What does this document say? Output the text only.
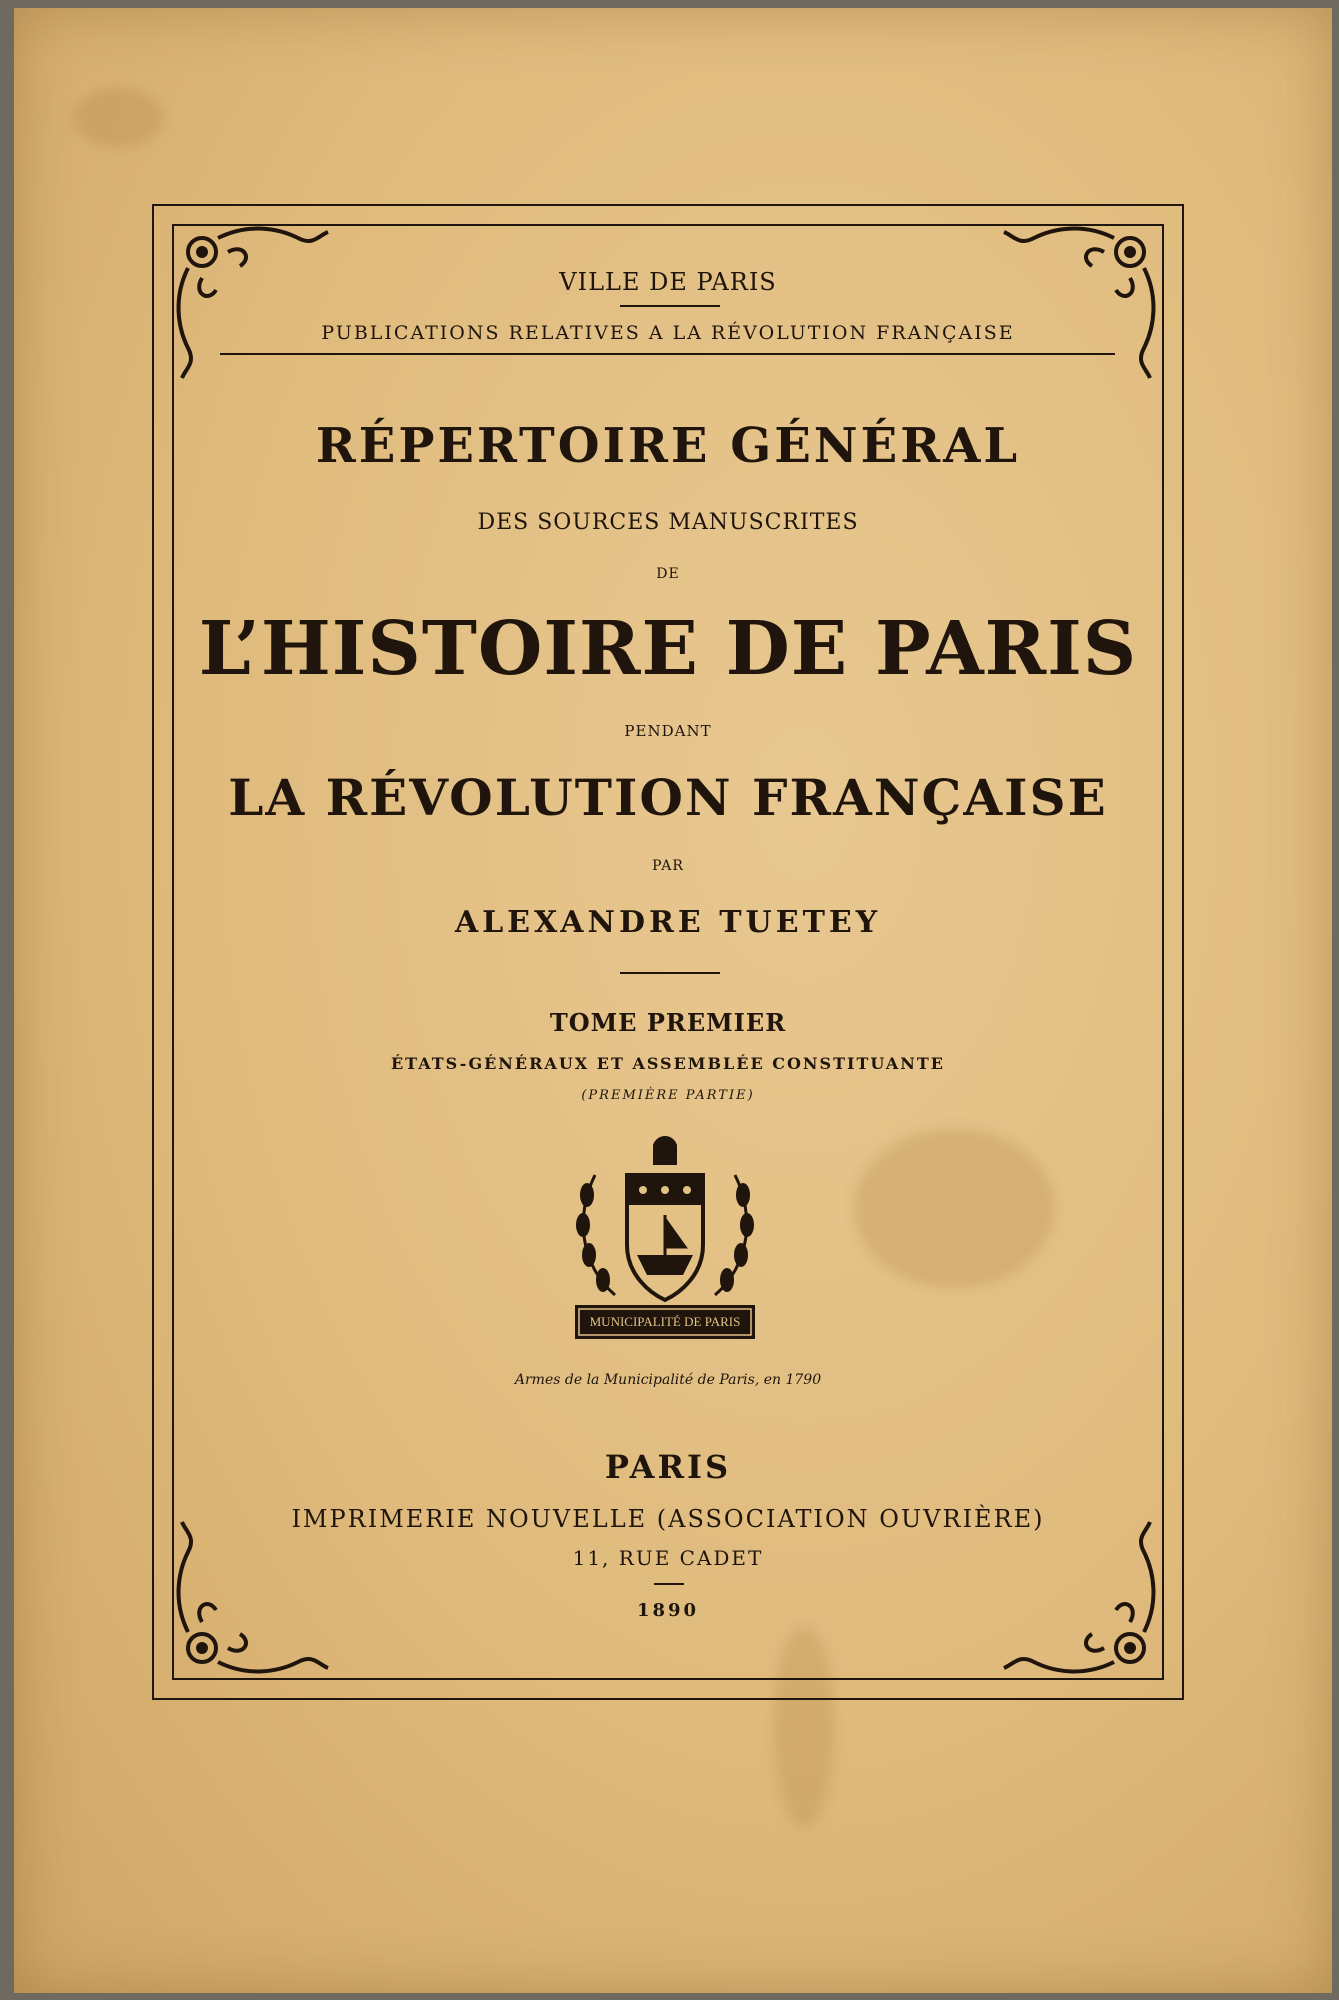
VILLE DE PARIS
PUBLICATIONS RELATIVES A LA RÉVOLUTION FRANÇAISE
RÉPERTOIRE GÉNÉRAL
DES SOURCES MANUSCRITES
DE
L’HISTOIRE DE PARIS
PENDANT
LA RÉVOLUTION FRANÇAISE
PAR
ALEXANDRE TUETEY
TOME PREMIER
ÉTATS-GÉNÉRAUX ET ASSEMBLÉE CONSTITUANTE
(PREMIÈRE PARTIE)
MUNICIPALITÉ DE PARIS
Armes de la Municipalité de Paris, en 1790
PARIS
IMPRIMERIE NOUVELLE (ASSOCIATION OUVRIÈRE)
11, RUE CADET
1890
